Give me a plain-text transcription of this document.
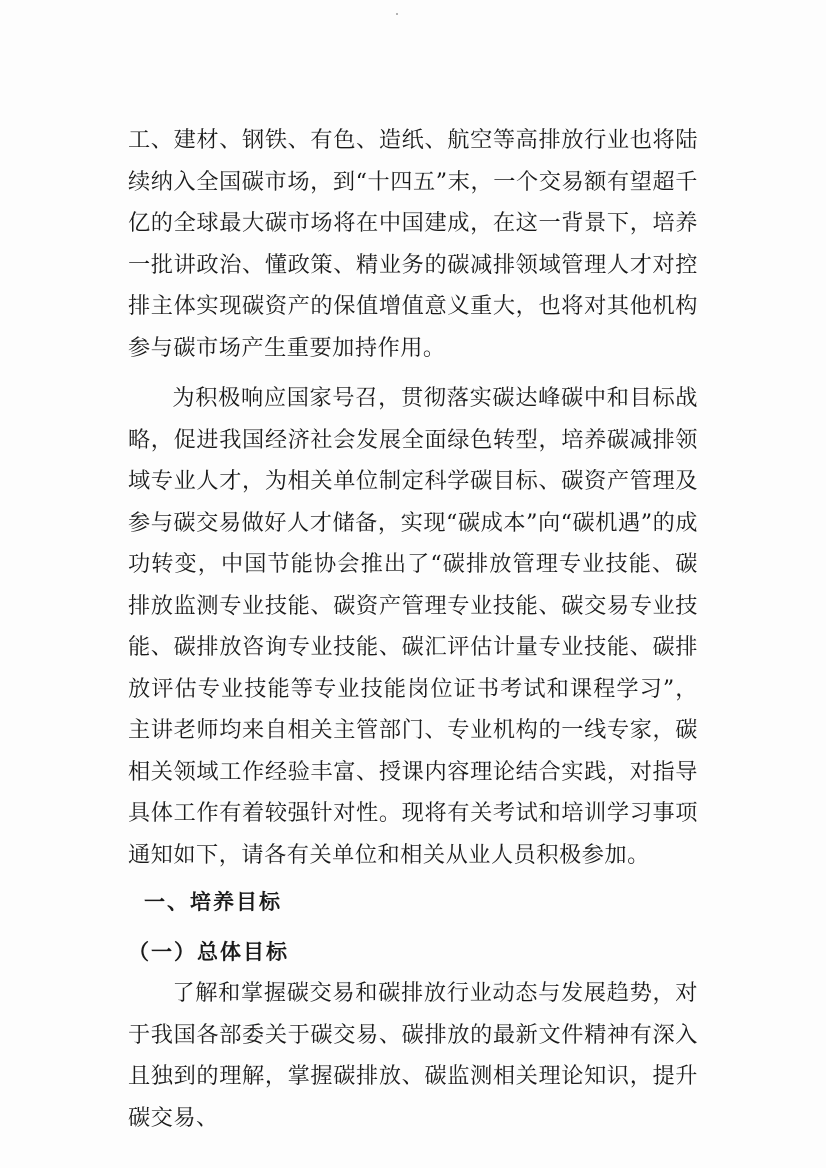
工、建材、钢铁、有色、造纸、航空等高排放行业也将陆续纳入全国碳市场，到“十四五”末，一个交易额有望超千亿的全球最大碳市场将在中国建成，在这一背景下，培养一批讲政治、懂政策、精业务的碳减排领域管理人才对控排主体实现碳资产的保值增值意义重大，也将对其他机构参与碳市场产生重要加持作用。

为积极响应国家号召，贯彻落实碳达峰碳中和目标战略，促进我国经济社会发展全面绿色转型，培养碳减排领域专业人才，为相关单位制定科学碳目标、碳资产管理及参与碳交易做好人才储备，实现“碳成本”向“碳机遇”的成功转变，中国节能协会推出了“碳排放管理专业技能、碳排放监测专业技能、碳资产管理专业技能、碳交易专业技能、碳排放咨询专业技能、碳汇评估计量专业技能、碳排放评估专业技能等专业技能岗位证书考试和课程学习”，主讲老师均来自相关主管部门、专业机构的一线专家，碳相关领域工作经验丰富、授课内容理论结合实践，对指导具体工作有着较强针对性。现将有关考试和培训学习事项通知如下，请各有关单位和相关从业人员积极参加。

一、培养目标

（一）总体目标

了解和掌握碳交易和碳排放行业动态与发展趋势，对于我国各部委关于碳交易、碳排放的最新文件精神有深入且独到的理解，掌握碳排放、碳监测相关理论知识，提升碳交易、
